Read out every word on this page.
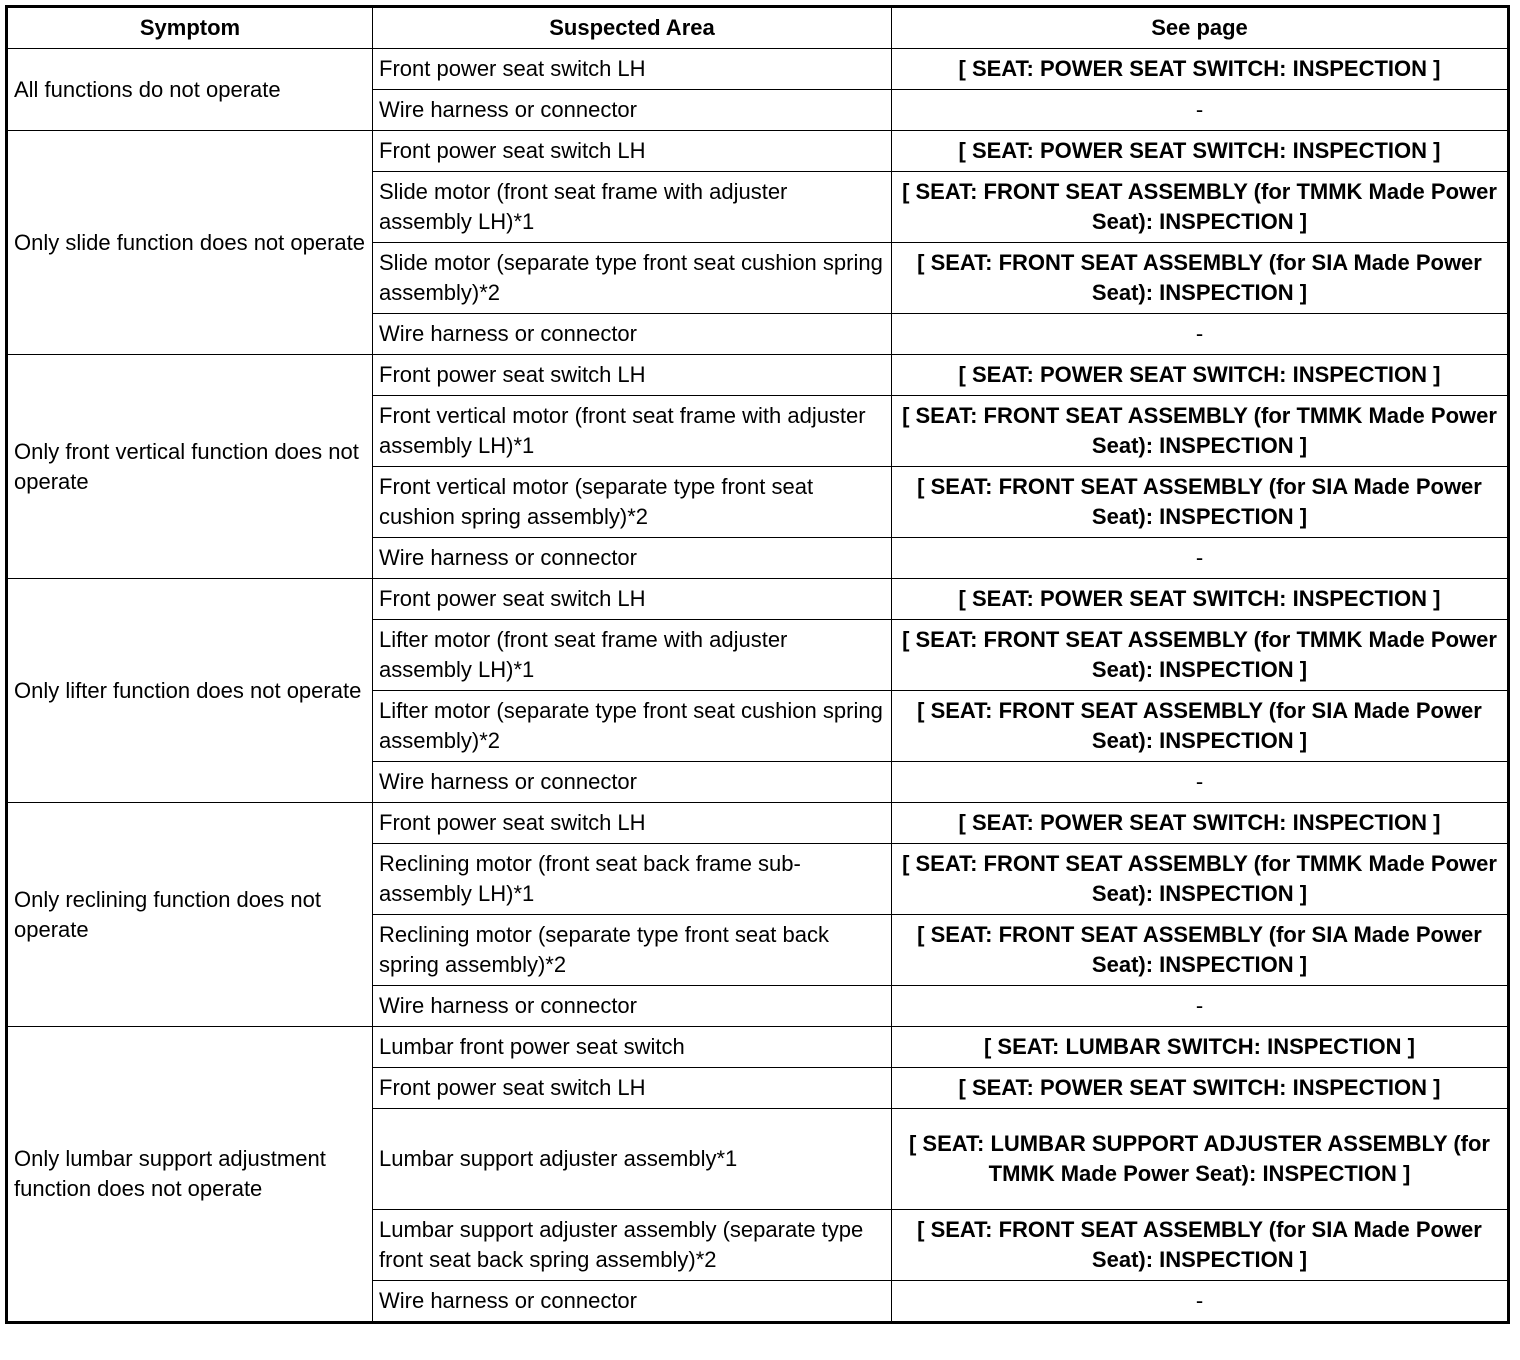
Symptom	Suspected Area	See page
All functions do not operate	Front power seat switch LH	[ SEAT: POWER SEAT SWITCH: INSPECTION ]
	Wire harness or connector	-
Only slide function does not operate	Front power seat switch LH	[ SEAT: POWER SEAT SWITCH: INSPECTION ]
	Slide motor (front seat frame with adjuster assembly LH)*1	[ SEAT: FRONT SEAT ASSEMBLY (for TMMK Made Power Seat): INSPECTION ]
	Slide motor (separate type front seat cushion spring assembly)*2	[ SEAT: FRONT SEAT ASSEMBLY (for SIA Made Power Seat): INSPECTION ]
	Wire harness or connector	-
Only front vertical function does not operate	Front power seat switch LH	[ SEAT: POWER SEAT SWITCH: INSPECTION ]
	Front vertical motor (front seat frame with adjuster assembly LH)*1	[ SEAT: FRONT SEAT ASSEMBLY (for TMMK Made Power Seat): INSPECTION ]
	Front vertical motor (separate type front seat cushion spring assembly)*2	[ SEAT: FRONT SEAT ASSEMBLY (for SIA Made Power Seat): INSPECTION ]
	Wire harness or connector	-
Only lifter function does not operate	Front power seat switch LH	[ SEAT: POWER SEAT SWITCH: INSPECTION ]
	Lifter motor (front seat frame with adjuster assembly LH)*1	[ SEAT: FRONT SEAT ASSEMBLY (for TMMK Made Power Seat): INSPECTION ]
	Lifter motor (separate type front seat cushion spring assembly)*2	[ SEAT: FRONT SEAT ASSEMBLY (for SIA Made Power Seat): INSPECTION ]
	Wire harness or connector	-
Only reclining function does not operate	Front power seat switch LH	[ SEAT: POWER SEAT SWITCH: INSPECTION ]
	Reclining motor (front seat back frame sub-assembly LH)*1	[ SEAT: FRONT SEAT ASSEMBLY (for TMMK Made Power Seat): INSPECTION ]
	Reclining motor (separate type front seat back spring assembly)*2	[ SEAT: FRONT SEAT ASSEMBLY (for SIA Made Power Seat): INSPECTION ]
	Wire harness or connector	-
Only lumbar support adjustment function does not operate	Lumbar front power seat switch	[ SEAT: LUMBAR SWITCH: INSPECTION ]
	Front power seat switch LH	[ SEAT: POWER SEAT SWITCH: INSPECTION ]
	Lumbar support adjuster assembly*1	[ SEAT: LUMBAR SUPPORT ADJUSTER ASSEMBLY (for TMMK Made Power Seat): INSPECTION ]
	Lumbar support adjuster assembly (separate type front seat back spring assembly)*2	[ SEAT: FRONT SEAT ASSEMBLY (for SIA Made Power Seat): INSPECTION ]
	Wire harness or connector	-
